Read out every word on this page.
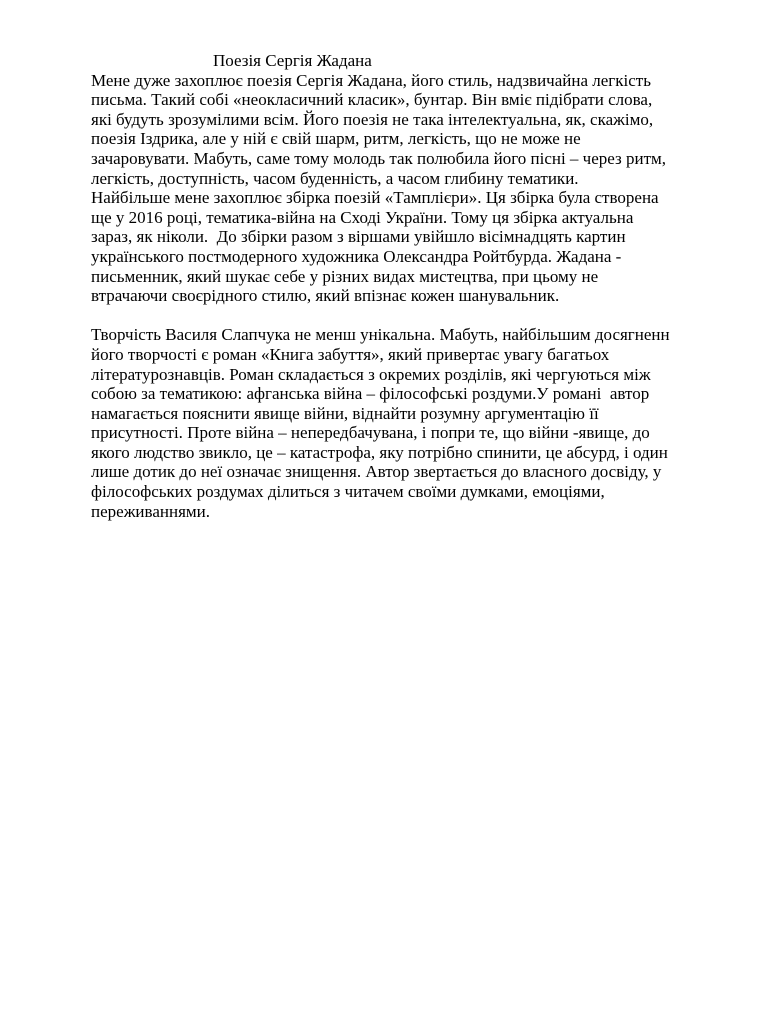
Поезія Сергія Жадана
Мене дуже захоплює поезія Сергія Жадана, його стиль, надзвичайна легкість
письма. Такий собі «неокласичний класик», бунтар. Він вміє підібрати слова,
які будуть зрозумілими всім. Його поезія не така інтелектуальна, як, скажімо,
поезія Іздрика, але у ній є свій шарм, ритм, легкість, що не може не
зачаровувати. Мабуть, саме тому молодь так полюбила його пісні – через ритм,
легкість, доступність, часом буденність, а часом глибину тематики.
Найбільше мене захоплює збірка поезій «Тамплієри». Ця збірка була створена
ще у 2016 році, тематика-війна на Сході України. Тому ця збірка актуальна
зараз, як ніколи.  До збірки разом з віршами увійшло вісімнадцять картин
українського постмодерного художника Олександра Ройтбурда. Жадана -
письменник, який шукає себе у різних видах мистецтва, при цьому не
втрачаючи своєрідного стилю, який впізнає кожен шанувальник.
Творчість Василя Слапчука не менш унікальна. Мабуть, найбільшим досягненн
його творчості є роман «Книга забуття», який привертає увагу багатьох
літературознавців. Роман складається з окремих розділів, які чергуються між
собою за тематикою: афганська війна – філософські роздуми.У романі  автор
намагається пояснити явище війни, віднайти розумну аргументацію її
присутності. Проте війна – непередбачувана, і попри те, що війни -явище, до
якого людство звикло, це – катастрофа, яку потрібно спинити, це абсурд, і один
лише дотик до неї означає знищення. Автор звертається до власного досвіду, у
філософських роздумах ділиться з читачем своїми думками, емоціями,
переживаннями.
